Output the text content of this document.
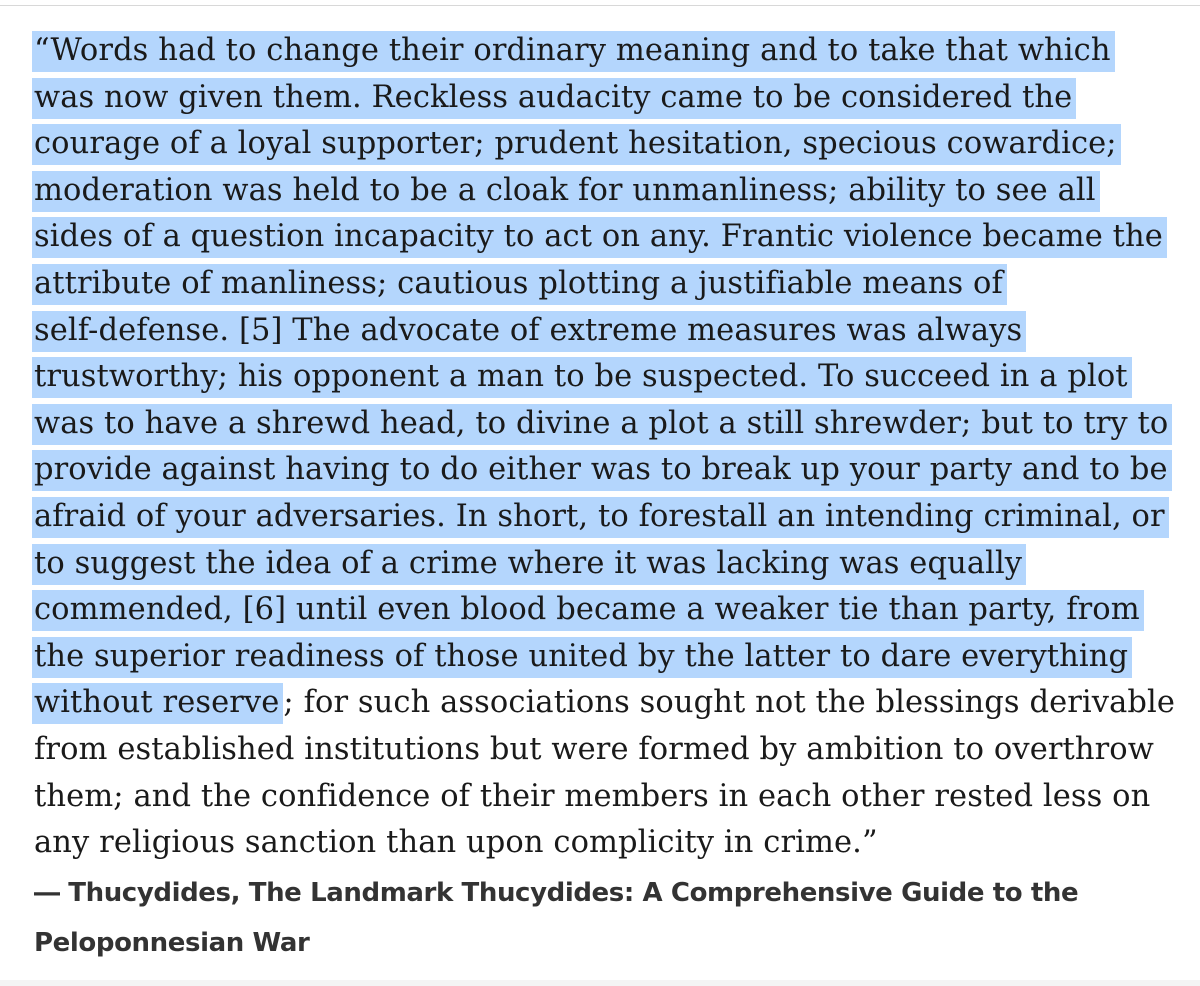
“Words had to change their ordinary meaning and to take that which
was now given them. Reckless audacity came to be considered the
courage of a loyal supporter; prudent hesitation, specious cowardice;
moderation was held to be a cloak for unmanliness; ability to see all
sides of a question incapacity to act on any. Frantic violence became the
attribute of manliness; cautious plotting a justifiable means of
self-defense. [5] The advocate of extreme measures was always
trustworthy; his opponent a man to be suspected. To succeed in a plot
was to have a shrewd head, to divine a plot a still shrewder; but to try to
provide against having to do either was to break up your party and to be
afraid of your adversaries. In short, to forestall an intending criminal, or
to suggest the idea of a crime where it was lacking was equally
commended, [6] until even blood became a weaker tie than party, from
the superior readiness of those united by the latter to dare everything
without reserve ; for such associations sought not the blessings derivable
from established institutions but were formed by ambition to overthrow
them; and the confidence of their members in each other rested less on
any religious sanction than upon complicity in crime.”
― Thucydides, The Landmark Thucydides: A Comprehensive Guide to the
Peloponnesian War
